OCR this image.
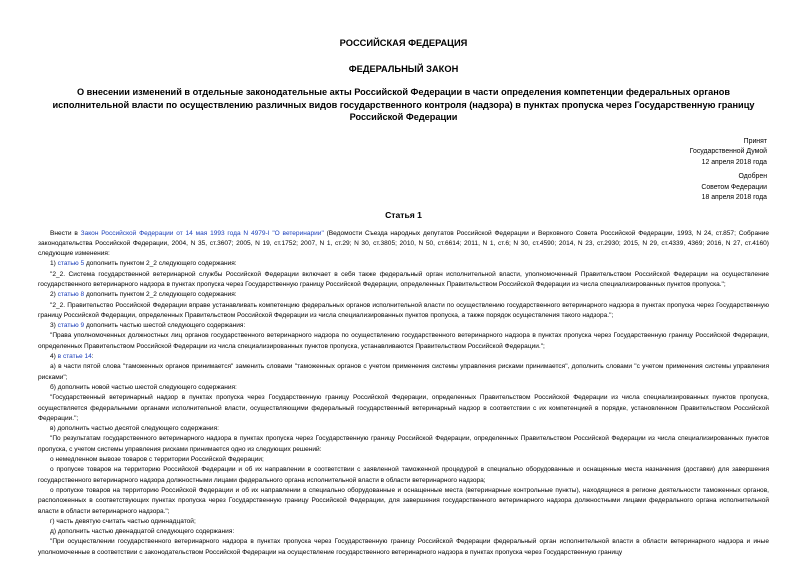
РОССИЙСКАЯ ФЕДЕРАЦИЯ
ФЕДЕРАЛЬНЫЙ ЗАКОН
О внесении изменений в отдельные законодательные акты Российской Федерации в части определения компетенции федеральных органов исполнительной власти по осуществлению различных видов государственного контроля (надзора) в пунктах пропуска через Государственную границу Российской Федерации
Принят
Государственной Думой
12 апреля 2018 года
Одобрен
Советом Федерации
18 апреля 2018 года
Статья 1

Внести в Закон Российской Федерации от 14 мая 1993 года N 4979-I "О ветеринарии" (Ведомости Съезда народных депутатов Российской Федерации и Верховного Совета Российской Федерации, 1993, N 24, ст.857; Собрание законодательства Российской Федерации, 2004, N 35, ст.3607; 2005, N 19, ст.1752; 2007, N 1, ст.29; N 30, ст.3805; 2010, N 50, ст.6614; 2011, N 1, ст.6; N 30, ст.4590; 2014, N 23, ст.2930; 2015, N 29, ст.4339, 4369; 2016, N 27, ст.4160) следующие изменения:

1) статью 5 дополнить пунктом 2_2 следующего содержания:

"2_2. Система государственной ветеринарной службы Российской Федерации включает в себя также федеральный орган исполнительной власти, уполномоченный Правительством Российской Федерации на осуществление государственного ветеринарного надзора в пунктах пропуска через Государственную границу Российской Федерации, определенных Правительством Российской Федерации из числа специализированных пунктов пропуска.";

2) статью 8 дополнить пунктом 2_2 следующего содержания:

"2_2. Правительство Российской Федерации вправе устанавливать компетенцию федеральных органов исполнительной власти по осуществлению государственного ветеринарного надзора в пунктах пропуска через Государственную границу Российской Федерации, определенных Правительством Российской Федерации из числа специализированных пунктов пропуска, а также порядок осуществления такого надзора.";

3) статью 9 дополнить частью шестой следующего содержания:

"Права уполномоченных должностных лиц органов государственного ветеринарного надзора по осуществлению государственного ветеринарного надзора в пунктах пропуска через Государственную границу Российской Федерации, определенных Правительством Российской Федерации из числа специализированных пунктов пропуска, устанавливаются Правительством Российской Федерации.";

4) в статье 14:

а) в части пятой слова "таможенных органов принимается" заменить словами "таможенных органов с учетом применения системы управления рисками принимается", дополнить словами "с учетом применения системы управления рисками";

б) дополнить новой частью шестой следующего содержания:

"Государственный ветеринарный надзор в пунктах пропуска через Государственную границу Российской Федерации, определенных Правительством Российской Федерации из числа специализированных пунктов пропуска, осуществляется федеральными органами исполнительной власти, осуществляющими федеральный государственный ветеринарный надзор в соответствии с их компетенцией в порядке, установленном Правительством Российской Федерации.";

в) дополнить частью десятой следующего содержания:

"По результатам государственного ветеринарного надзора в пунктах пропуска через Государственную границу Российской Федерации, определенных Правительством Российской Федерации из числа специализированных пунктов пропуска, с учетом системы управления рисками принимается одно из следующих решений:

о немедленном вывозе товаров с территории Российской Федерации;

о пропуске товаров на территорию Российской Федерации и об их направлении в соответствии с заявленной таможенной процедурой в специально оборудованные и оснащенные места назначения (доставки) для завершения государственного ветеринарного надзора должностными лицами федерального органа исполнительной власти в области ветеринарного надзора;

о пропуске товаров на территорию Российской Федерации и об их направлении в специально оборудованные и оснащенные места (ветеринарные контрольные пункты), находящиеся в регионе деятельности таможенных органов, расположенных в соответствующих пунктах пропуска через Государственную границу Российской Федерации, для завершения государственного ветеринарного надзора должностными лицами федерального органа исполнительной власти в области ветеринарного надзора.";

г) часть девятую считать частью одиннадцатой;

д) дополнить частью двенадцатой следующего содержания:

"При осуществлении государственного ветеринарного надзора в пунктах пропуска через Государственную границу Российской Федерации федеральный орган исполнительной власти в области ветеринарного надзора и иные уполномоченные в соответствии с законодательством Российской Федерации на осуществление государственного ветеринарного надзора в пунктах пропуска через Государственную границу
